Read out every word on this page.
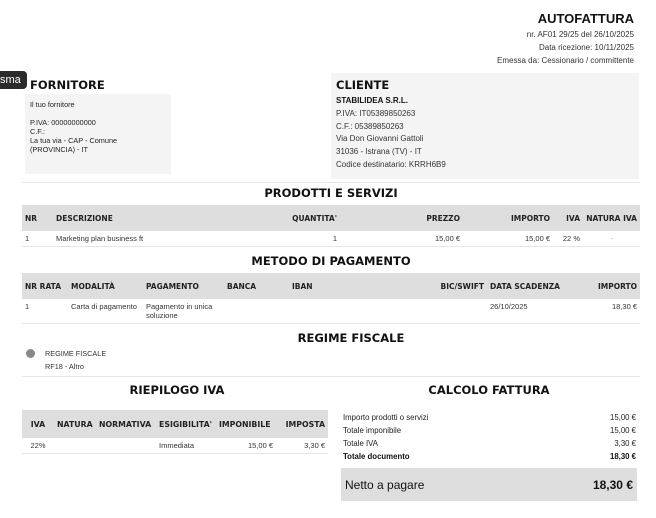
AUTOFATTURA
nr. AF01 29/25 del 26/10/2025
Data ricezione: 10/11/2025
Emessa da: Cessionario / committente
FORNITORE
Il tuo fornitore
P.IVA: 00000000000
C.F.:
La tua via - CAP - Comune
(PROVINCIA) - IT
sma	CLIENTE
STABILIDEA S.R.L.
P.IVA: IT05389850263
C.F.: 05389850263
Via Don Giovanni Gattoli
31036 - Istrana (TV) - IT
Codice destinatario: KRRH6B9
PRODOTTI E SERVIZI
NR	DESCRIZIONE	QUANTITA'	PREZZO	IMPORTO	IVA	NATURA IVA
1	Marketing plan business ft	1	15,00 €	15,00 €	22 %	-
METODO DI PAGAMENTO
NR RATA	MODALITÀ	PAGAMENTO	BANCA	IBAN	BIC/SWIFT	DATA SCADENZA	IMPORTO
1	Carta di pagamento	Pagamento in unica soluzione				26/10/2025	18,30 €
REGIME FISCALE
REGIME FISCALE
RF18 - Altro
RIEPILOGO IVA
IVA	NATURA	NORMATIVA	ESIGIBILITA'	IMPONIBILE	IMPOSTA
22%			Immediata	15,00 €	3,30 €
CALCOLO FATTURA
Importo prodotti o servizi	15,00 €
Totale imponibile	15,00 €
Totale IVA	3,30 €
Totale documento	18,30 €
Netto a pagare	18,30 €
